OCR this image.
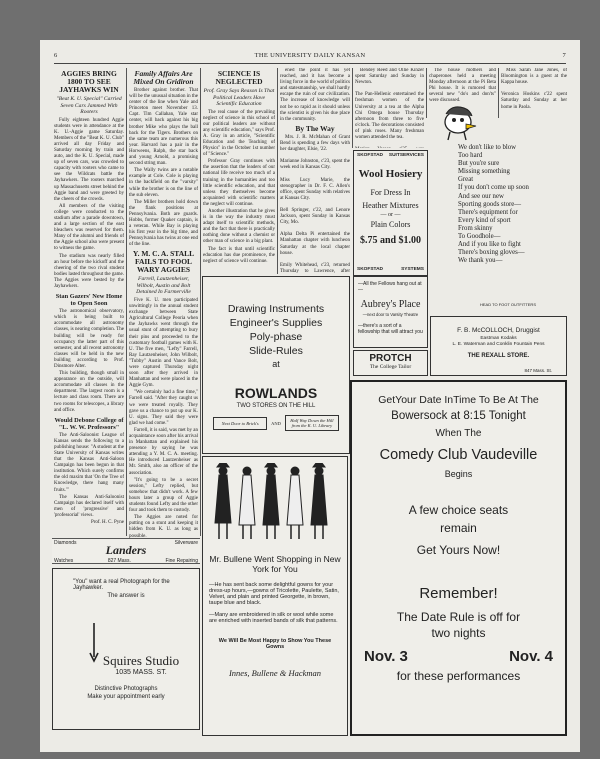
6	THE UNIVERSITY DAILY KANSAN	7
AGGIES BRING 1800 TO SEE JAYHAWKS WIN
"Beat K. U. Special" Carried Seven Cars Jammed With Rooters

Fully eighteen hundred Aggie students were in attendance at the K. U.-Aggie game Saturday. Members of the "Beat K. U. Club" arrived all day Friday and Saturday morning by train and auto, and the K. U. Special, made up of seven cars, was crowded to capacity with rooters who came to see the Wildcats battle the Jayhawkers. The rooters marched up Massachusetts street behind the Aggie band and were greeted by the cheers of the crowds.

All members of the visiting college were conducted to the stadium after a parade downtown, and a large section of the east bleachers was reserved for them. Many of the alumni and friends of the Aggie school also were present to witness the game.

The stadium was nearly filled an hour before the kickoff and the cheering of the two rival student bodies lasted throughout the game. The Aggies were bested by the Jayhawkers.

Stan Gazers' New Home to Open Soon

The astronomical observatory, which is being built to accommodate all astronomy classes, is nearing completion. The building will be ready for occupancy the latter part of this semester, and all recent astronomy classes will be held in the new building according to Prof. Dinsmore Alter.

This building, though small in appearance on the outside, will accommodate all classes in the department. The largest room is a lecture and class room. There are two rooms for telescopes, a library and office.

Would Debone College of "L. W. W. Professors"

The Anti-Saloonist League of Kansas sends the following to a publishing house: "A student at the State University of Kansas writes that the Kansas Anti-Saloon Campaign has been begun in that institution. Which surely confirms the old maxim that 'On the Tree of Knowledge, there hang many fruits.'"

The Kansas Anti-Saloonist Campaign has declared itself with men of 'progressive' and 'professorial' views.

Prof. H. C. Pyne

Family Affairs Are Mixed On Gridiron

Brother against brother. That will be the unusual situation in the center of the line when Yale and Princeton meet November 13. Capt. Tim Callahan, Yale star center, will back against his big brother Mike who plays the ball back for the Tigers. Brothers on the same team are numerous this year. Harvard has a pair in the Horweens, Ralph, the star back and young Arnold, a promising second string man.

The Wally twins are a notable example at Cole. Cole is playing in the backfield on the "varsity" while the brother is on the line of the sub eleven.

The Miller brothers hold down the flank positions at Pennsylvania. Both are guards. Hobbs, former Quaker captain, is a veteran. While Bay is playing his first year in the big time, and Pennsylvania has twins at one end of the line.

Y. M. C. A. STALL FAILS TO FOOL WARY AGGIES
Farrell, Lautzenheiser, Wilbolt, Austin and Bolt Detained In Farmerville

Five K. U. men participated unwittingly in the annual student exchange between State Agricultural College Peoria when the Jayhawks went through the usual stunt of attempting to bury their pins and proceeded to the customary football games with K. U. The five men, "Lefty" Farrell, Ray Lautzenheiser, John Wilbolt, "Tubby" Austin and Vance Bolt, were captured Thursday night soon after they arrived in Manhattan and were placed in the Aggie Gym.

"We certainly had a fine time," Farrell said. "After they caught us we were treated royally. They gave us a chance to put up our K. U. signs. They said they were glad we had come."

Farrell, it is said, was met by an acquaintance soon after his arrival in Manhattan and explained his presence by saying he was attending a Y. M. C. A. meeting. He introduced Lautzenheiser as Mr. Smith, also an officer of the association.

"It's going to be a secret session," Lefty replied, but somehow that didn't work. A few hours later a group of Aggie students found Lefty and the other four and took them to custody.

The Aggies are noted for putting on a stunt and keeping it hidden from K. U. as long as possible.

SCIENCE IS NEGLECTED
Prof. Gray Says Reason Is That Political Leaders Have Scientific Education

The real cause of the prevailing neglect of science in this school of our political leaders are without any scientific education," says Prof. A. Gray in an article, "Scientific Education and the Teaching of Physics" in the October 1st number of "Science."

Professor Gray continues with the assertion that the leaders of our national life receive too much of a training in the humanities and too little scientific education, and that unless they themselves become acquainted with scientific matters the neglect will continue.

Another illustration that he gives is in the way the industry must adapt itself to scientific methods, and the fact that there is practically nothing done without a chemist or other man of science in a big plant.

The fact is that until scientific education has due prominence, the neglect of science will continue.

ened the point it has yet reached, and it has become a living force in the world of politics and statesmanship, we shall hardly escape the ruin of our civilization. The increase of knowledge will not be so rapid as it should unless the scientist is given his due place in the community.

By The Way

Mrs. J. R. McMahan of Grant Bend is spending a few days with her daughter, Elsie, '22.

Marianne Johnston, c'23, spent the week end in Kansas City.

Miss Lucy Marie, the stenographer in Dr. F. C. Allen's office, spent Sunday with relatives at Kansas City.

Bell Springer, c'22, and Lenore Jackson, spent Sunday in Kansas City, Mo.

Alpha Delta Pi entertained the Manhattan chapter with luncheon Saturday at the local chapter house.

Emily Whitehead, c'23, returned Thursday to Lawrence, after

Bendey Reed and Ollie Kinzer spent Saturday and Sunday in Newton.

The Pan-Hellenic entertained the freshman women of the University at a tea at the Alpha Chi Omega house Thursday afternoon from three to five o'clock. The decorations consisted of pink roses. Many freshman women attended the tea.

The house mothers and chaperones held a meeting Monday afternoon at the Pi Beta Phi house. It is rumored that several new "do's and don'ts" were discussed.

Miss Sarah Jane Jones, of Bloomington is a guest at the Kappa house.

Veronica Hoskins c'22 spent Saturday and Sunday at her home in Paola.

SKOFSTAD SUITSERVICES
Wool Hosiery
For Dress In
Heather Mixtures
— or —
Plain Colors
$.75 and $1.00
SKOFSTAD	SYSTEMS
We don't like to blow
Too hard
But you're sure
Missing something
Great
If you don't come up soon
And see our new
Sporting goods store—
There's equipment for
Every kind of sport
From skinny
To Goodhole—
And if you like to fight
There's boxing gloves—
We thank you—
HEAD TO FOOT OUTFITTERS
Drawing Instruments
Engineer's Supplies
Poly-phase
Slide-Rules
at
ROWLANDS
TWO STORES ON THE HILL
Next Door to Brick's	AND	Half Way Down the Hill from the K. U. Library
—All the Fellows hang out at—
Aubrey's Place
—next door to Varsity Theatre
—there's a sort of a fellowship that will attract you
PROTCH
The College Tailor
F. B. McCOLLOCH, Druggist
Eastman Kodaks
L. E. Waterman and Conklin Fountain Pens
THE REXALL STORE.
847 Mass. St.
GetYour Date InTime To Be At The
Bowersock at 8:15 Tonight
When The
Comedy Club Vaudeville
Begins
A few choice seats
remain
Get Yours Now!
Remember!
The Date Rule is off for
two nights
Nov. 3	Nov. 4
for these performances
Diamonds	Silverware
Landers
Watches	827 Mass.	Fine Repairing
"You" want a real Photograph for the Jayhawker.
The answer is
Squires Studio
1035 MASS. ST.
Distinctive Photographs
Make your appointment early
Mr. Bullene Went Shopping in New York for You
—He has sent back some delightful gowns for your dress-up hours,—gowns of Tricolette, Paulette, Satin, Velvet, and plain and printed Georgette, in brown, taupe blue and black.
—Many are embroidered in silk or wool while some are enriched with inserted bands of silk that patterns.
We Will Be Most Happy to Show You These Gowns
Innes, Bullene & Hackman
